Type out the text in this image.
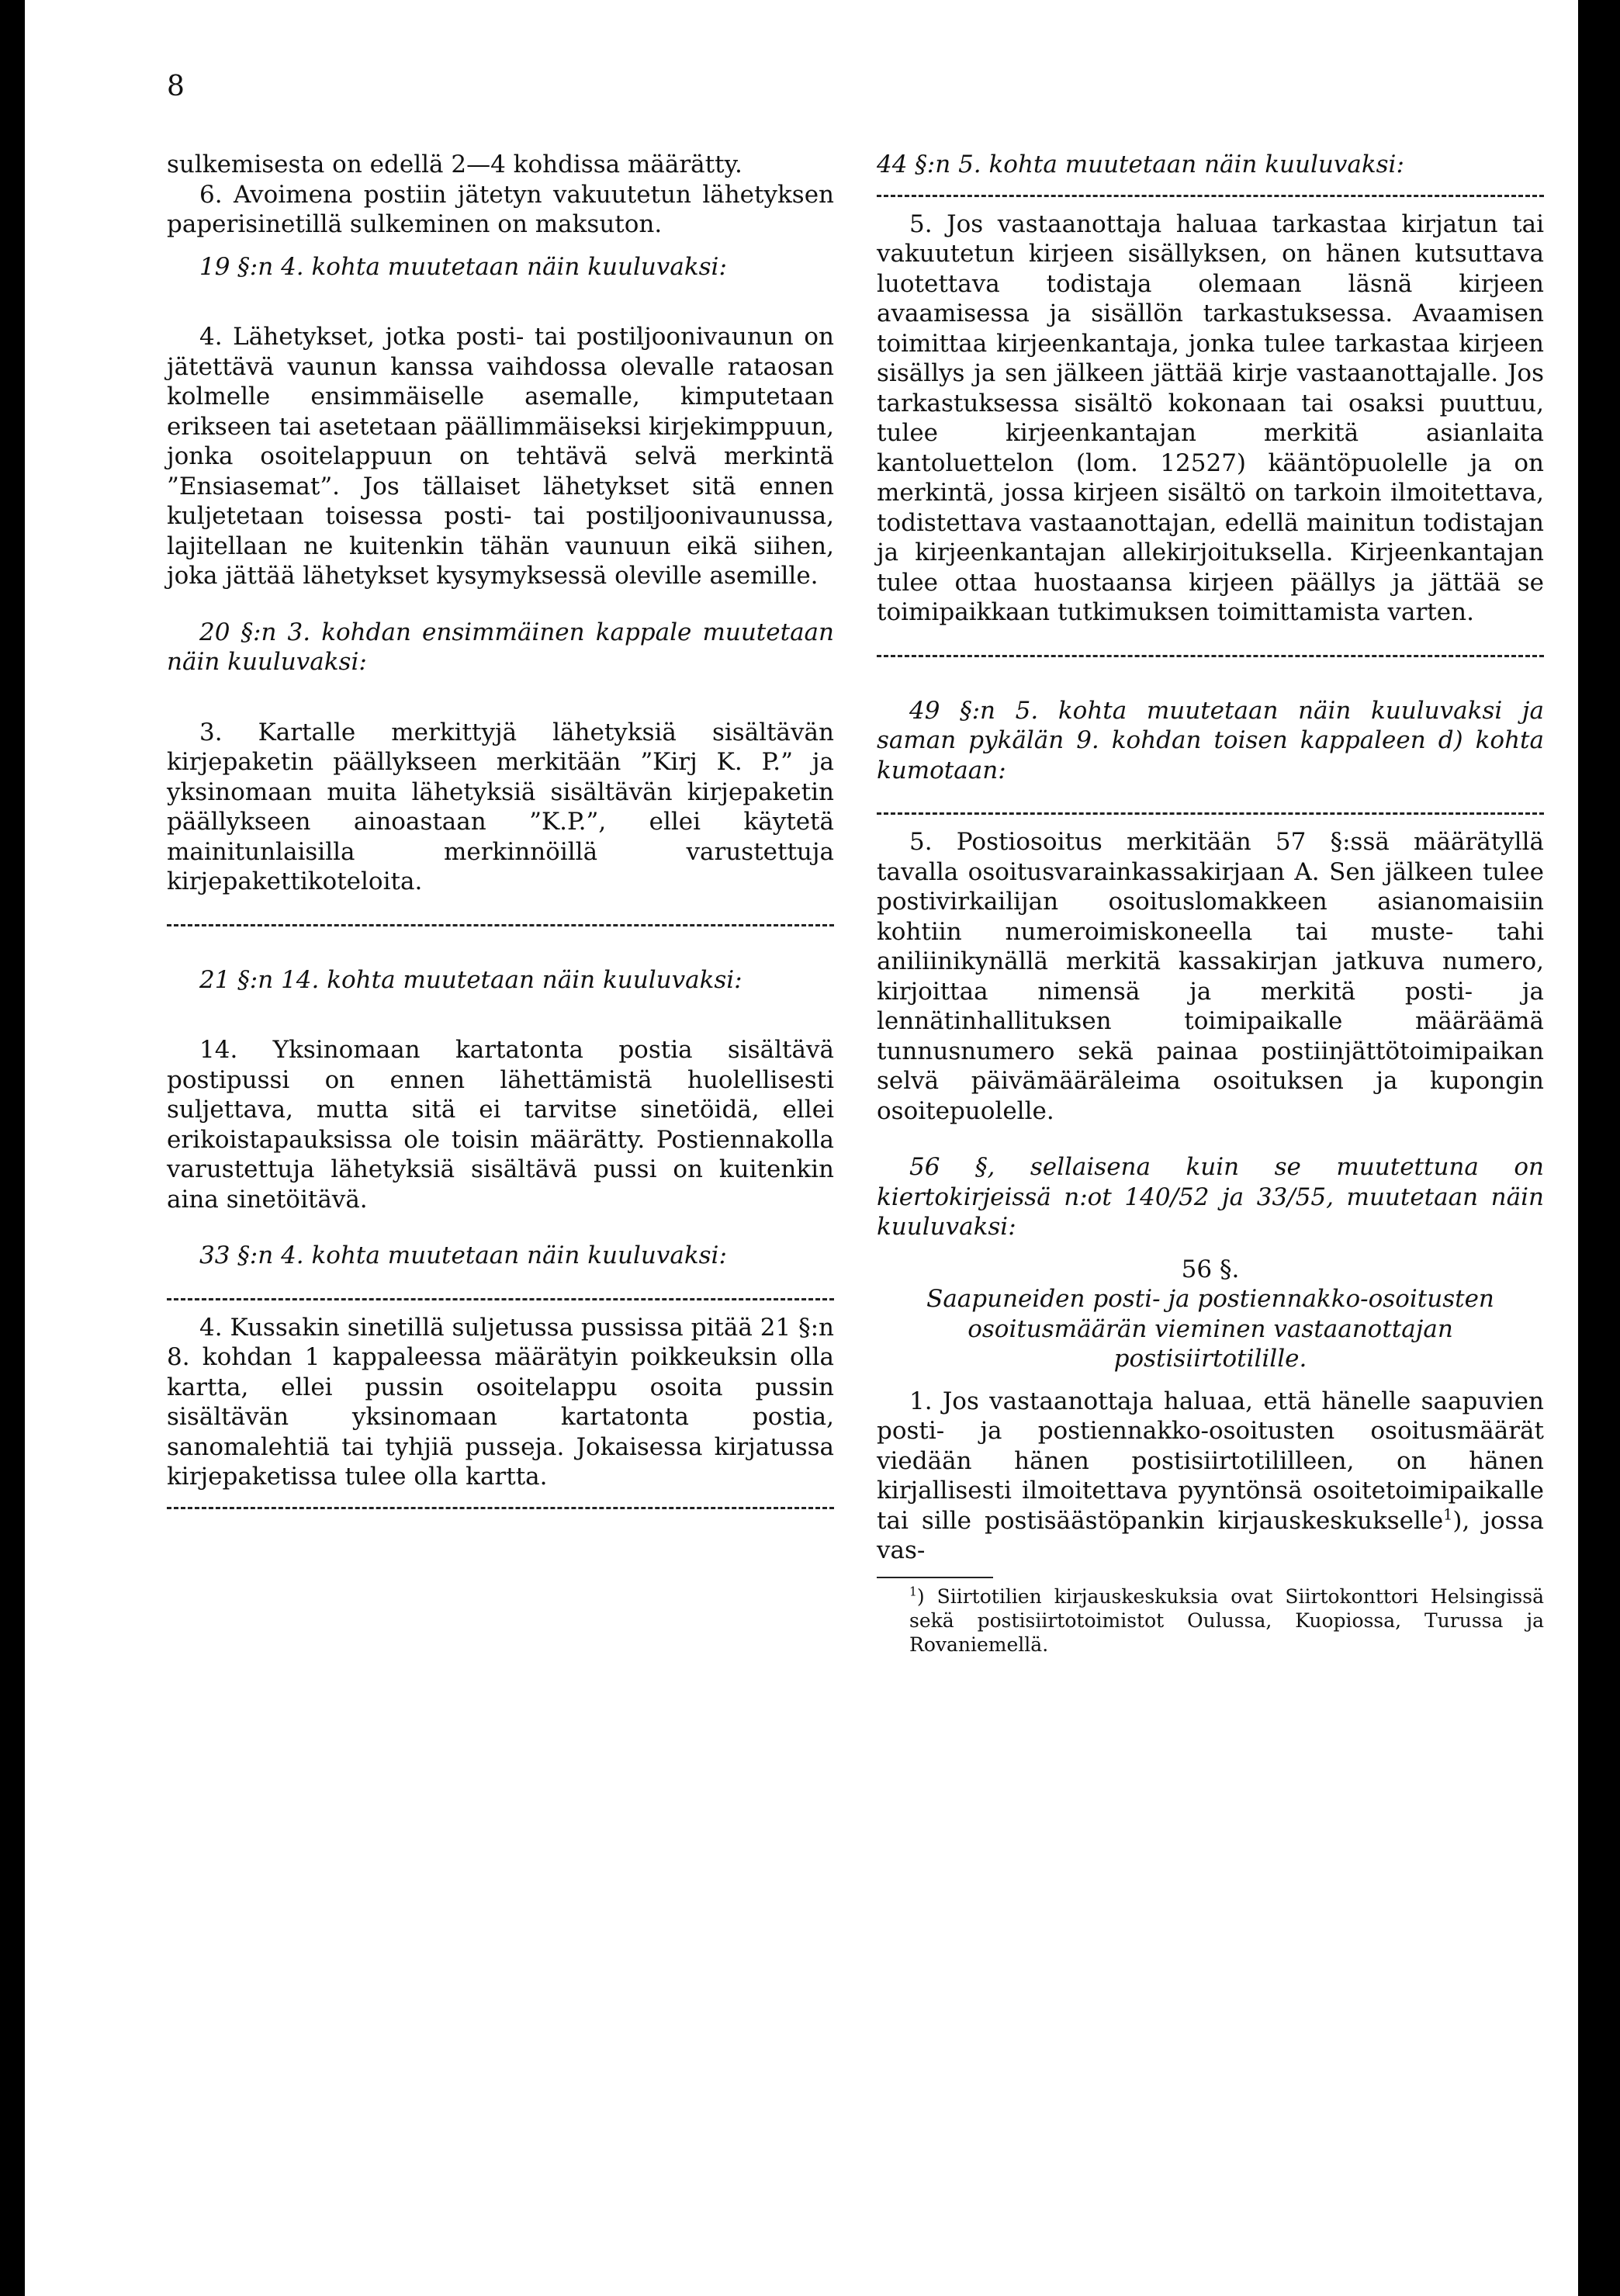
8

sulkemisesta on edellä 2—4 kohdissa määrätty.

6. Avoimena postiin jätetyn vakuutetun lähetyksen paperisinetillä sulkeminen on maksuton.

19 §:n 4. kohta muutetaan näin kuuluvaksi:

4. Lähetykset, jotka posti- tai postiljoonivaunun on jätettävä vaunun kanssa vaihdossa olevalle rataosan kolmelle ensimmäiselle asemalle, kimputetaan erikseen tai asetetaan päällimmäiseksi kirjekimppuun, jonka osoitelappuun on tehtävä selvä merkintä ”Ensiasemat”. Jos tällaiset lähetykset sitä ennen kuljetetaan toisessa posti- tai postiljoonivaunussa, lajitellaan ne kuitenkin tähän vaunuun eikä siihen, joka jättää lähetykset kysymyksessä oleville asemille.

20 §:n 3. kohdan ensimmäinen kappale muutetaan näin kuuluvaksi:

3. Kartalle merkittyjä lähetyksiä sisältävän kirjepaketin päällykseen merkitään ”Kirj K. P.” ja yksinomaan muita lähetyksiä sisältävän kirjepaketin päällykseen ainoastaan ”K.P.”, ellei käytetä mainitunlaisilla merkinnöillä varustettuja kirjepakettikoteloita.

21 §:n 14. kohta muutetaan näin kuuluvaksi:

14. Yksinomaan kartatonta postia sisältävä postipussi on ennen lähettämistä huolellisesti suljettava, mutta sitä ei tarvitse sinetöidä, ellei erikoistapauksissa ole toisin määrätty. Postiennakolla varustettuja lähetyksiä sisältävä pussi on kuitenkin aina sinetöitävä.

33 §:n 4. kohta muutetaan näin kuuluvaksi:

4. Kussakin sinetillä suljetussa pussissa pitää 21 §:n 8. kohdan 1 kappaleessa määrätyin poikkeuksin olla kartta, ellei pussin osoitelappu osoita pussin sisältävän yksinomaan kartatonta postia, sanomalehtiä tai tyhjiä pusseja. Jokaisessa kirjatussa kirjepaketissa tulee olla kartta.

44 §:n 5. kohta muutetaan näin kuuluvaksi:

5. Jos vastaanottaja haluaa tarkastaa kirjatun tai vakuutetun kirjeen sisällyksen, on hänen kutsuttava luotettava todistaja olemaan läsnä kirjeen avaamisessa ja sisällön tarkastuksessa. Avaamisen toimittaa kirjeenkantaja, jonka tulee tarkastaa kirjeen sisällys ja sen jälkeen jättää kirje vastaanottajalle. Jos tarkastuksessa sisältö kokonaan tai osaksi puuttuu, tulee kirjeenkantajan merkitä asianlaita kantoluettelon (lom. 12527) kääntöpuolelle ja on merkintä, jossa kirjeen sisältö on tarkoin ilmoitettava, todistettava vastaanottajan, edellä mainitun todistajan ja kirjeenkantajan allekirjoituksella. Kirjeenkantajan tulee ottaa huostaansa kirjeen päällys ja jättää se toimipaikkaan tutkimuksen toimittamista varten.

49 §:n 5. kohta muutetaan näin kuuluvaksi ja saman pykälän 9. kohdan toisen kappaleen d) kohta kumotaan:

5. Postiosoitus merkitään 57 §:ssä määrätyllä tavalla osoitusvarainkassakirjaan A. Sen jälkeen tulee postivirkailijan osoituslomakkeen asianomaisiin kohtiin numeroimiskoneella tai muste- tahi aniliinikynällä merkitä kassakirjan jatkuva numero, kirjoittaa nimensä ja merkitä posti- ja lennätinhallituksen toimipaikalle määräämä tunnusnumero sekä painaa postiinjättötoimipaikan selvä päivämääräleima osoituksen ja kupongin osoitepuolelle.

56 §, sellaisena kuin se muutettuna on kiertokirjeissä n:ot 140/52 ja 33/55, muutetaan näin kuuluvaksi:

56 §.

Saapuneiden posti- ja postiennakko-osoitusten osoitusmäärän vieminen vastaanottajan postisiirtotilille.

1. Jos vastaanottaja haluaa, että hänelle saapuvien posti- ja postiennakko-osoitusten osoitusmäärät viedään hänen postisiirtotililleen, on hänen kirjallisesti ilmoitettava pyyntönsä osoitetoimipaikalle tai sille postisäästöpankin kirjauskeskukselle$^1$), jossa vas-

$^1$) Siirtotilien kirjauskeskuksia ovat Siirtokonttori Helsingissä sekä postisiirtotoimistot Oulussa, Kuopiossa, Turussa ja Rovaniemellä.
